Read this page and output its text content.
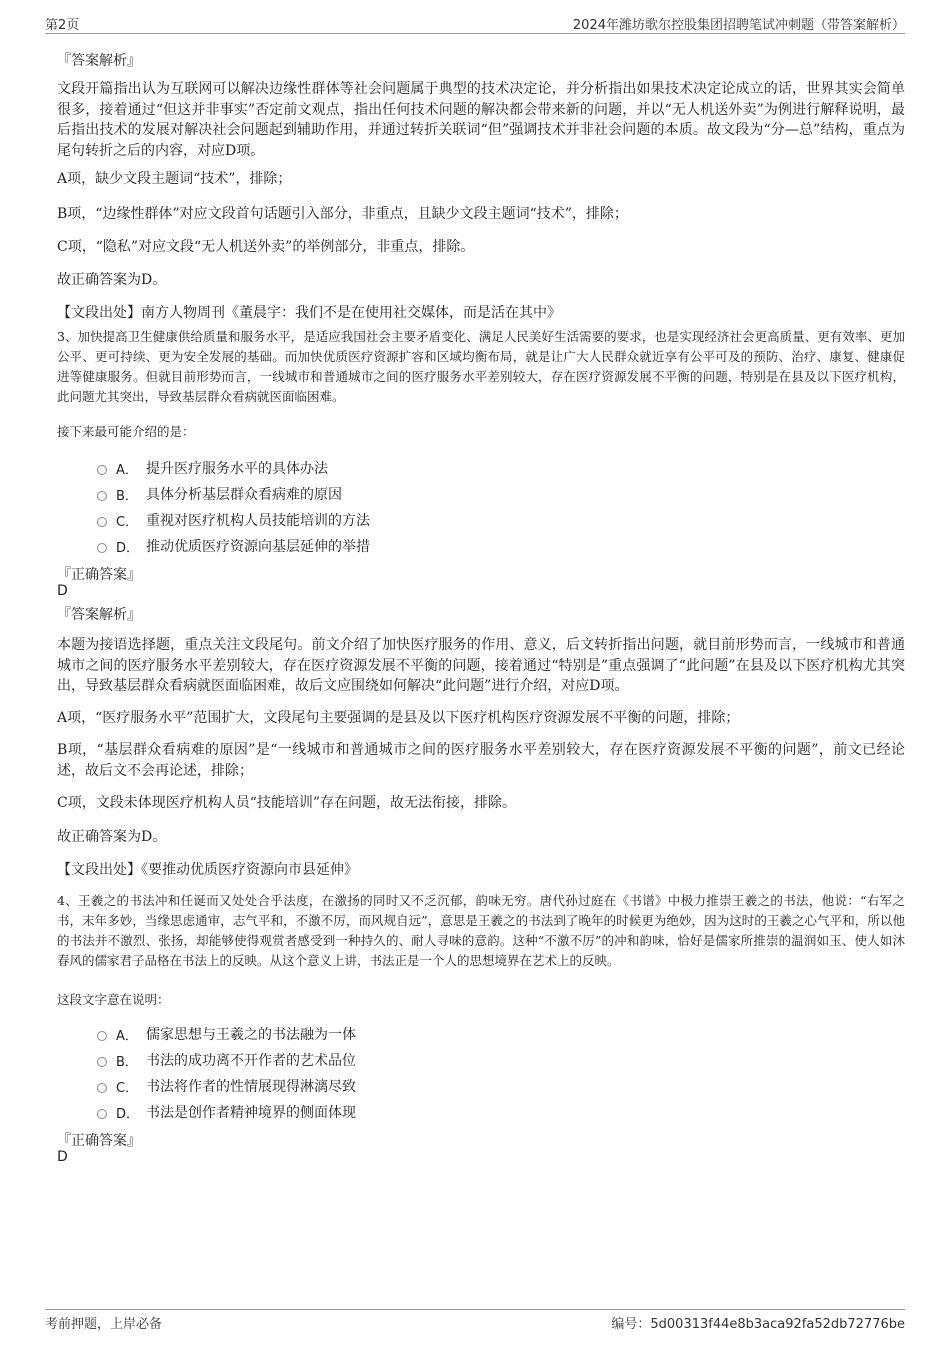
第2页	2024年潍坊歌尔控股集团招聘笔试冲刺题（带答案解析）
『答案解析』
文段开篇指出认为互联网可以解决边缘性群体等社会问题属于典型的技术决定论，并分析指出如果技术决定论成立的话，世界其实会简单很多，接着通过“但这并非事实”否定前文观点，指出任何技术问题的解决都会带来新的问题，并以“无人机送外卖”为例进行解释说明，最后指出技术的发展对解决社会问题起到辅助作用，并通过转折关联词“但”强调技术并非社会问题的本质。故文段为“分—总”结构，重点为尾句转折之后的内容，对应D项。
A项，缺少文段主题词“技术”，排除；
B项，“边缘性群体”对应文段首句话题引入部分，非重点，且缺少文段主题词“技术”，排除；
C项，“隐私”对应文段“无人机送外卖”的举例部分，非重点，排除。
故正确答案为D。
【文段出处】南方人物周刊《董晨宇：我们不是在使用社交媒体，而是活在其中》
3、加快提高卫生健康供给质量和服务水平，是适应我国社会主要矛盾变化、满足人民美好生活需要的要求，也是实现经济社会更高质量、更有效率、更加公平、更可持续、更为安全发展的基础。而加快优质医疗资源扩容和区域均衡布局，就是让广大人民群众就近享有公平可及的预防、治疗、康复、健康促进等健康服务。但就目前形势而言，一线城市和普通城市之间的医疗服务水平差别较大，存在医疗资源发展不平衡的问题，特别是在县及以下医疗机构，此问题尤其突出，导致基层群众看病就医面临困难。
接下来最可能介绍的是：
A． 提升医疗服务水平的具体办法
B． 具体分析基层群众看病难的原因
C． 重视对医疗机构人员技能培训的方法
D． 推动优质医疗资源向基层延伸的举措
『正确答案』
D
『答案解析』
本题为接语选择题，重点关注文段尾句。前文介绍了加快医疗服务的作用、意义，后文转折指出问题，就目前形势而言，一线城市和普通城市之间的医疗服务水平差别较大，存在医疗资源发展不平衡的问题，接着通过“特别是”重点强调了“此问题”在县及以下医疗机构尤其突出，导致基层群众看病就医面临困难，故后文应围绕如何解决“此问题”进行介绍，对应D项。
A项，“医疗服务水平”范围扩大，文段尾句主要强调的是县及以下医疗机构医疗资源发展不平衡的问题，排除；
B项，“基层群众看病难的原因”是“一线城市和普通城市之间的医疗服务水平差别较大，存在医疗资源发展不平衡的问题”，前文已经论述，故后文不会再论述，排除；
C项，文段未体现医疗机构人员“技能培训”存在问题，故无法衔接，排除。
故正确答案为D。
【文段出处】《要推动优质医疗资源向市县延伸》
4、王羲之的书法冲和任诞而又处处合乎法度，在激扬的同时又不乏沉郁，韵味无穷。唐代孙过庭在《书谱》中极力推崇王羲之的书法，他说：“右军之书，末年多妙，当缘思虑通审，志气平和，不激不厉，而风规自远”，意思是王羲之的书法到了晚年的时候更为绝妙，因为这时的王羲之心气平和，所以他的书法并不激烈、张扬，却能够使得观赏者感受到一种持久的、耐人寻味的意韵。这种“不激不厉”的冲和韵味，恰好是儒家所推崇的温润如玉、使人如沐春风的儒家君子品格在书法上的反映。从这个意义上讲，书法正是一个人的思想境界在艺术上的反映。
这段文字意在说明：
A． 儒家思想与王羲之的书法融为一体
B． 书法的成功离不开作者的艺术品位
C． 书法将作者的性情展现得淋漓尽致
D． 书法是创作者精神境界的侧面体现
『正确答案』
D
考前押题，上岸必备	编号：5d00313f44e8b3aca92fa52db72776be
